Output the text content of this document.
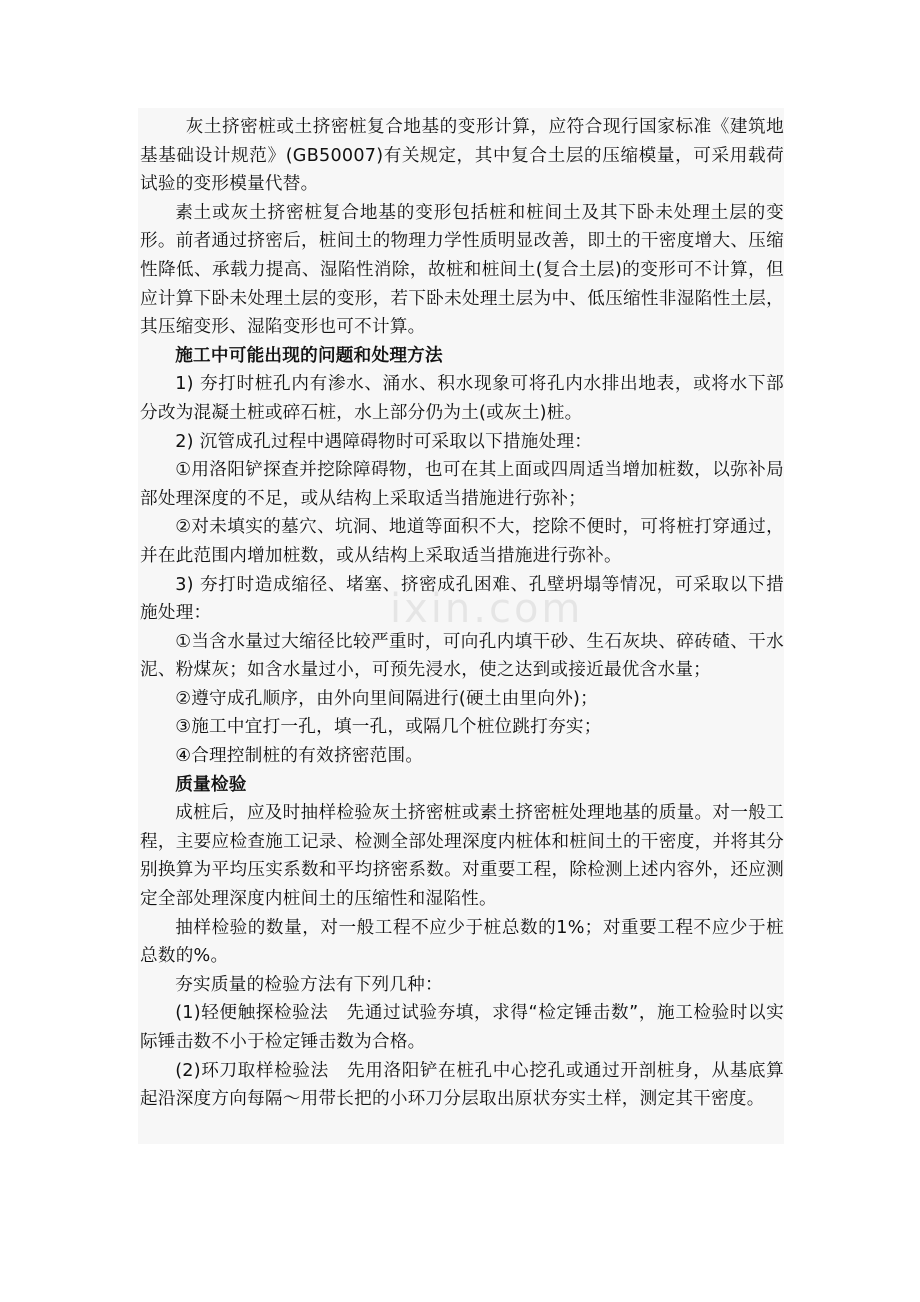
灰土挤密桩或土挤密桩复合地基的变形计算，应符合现行国家标准《建筑地基基础设计规范》(GB50007)有关规定，其中复合土层的压缩模量，可采用载荷试验的变形模量代替。

素土或灰土挤密桩复合地基的变形包括桩和桩间土及其下卧未处理土层的变形。前者通过挤密后，桩间土的物理力学性质明显改善，即土的干密度增大、压缩性降低、承载力提高、湿陷性消除，故桩和桩间土(复合土层)的变形可不计算，但应计算下卧未处理土层的变形，若下卧未处理土层为中、低压缩性非湿陷性土层，其压缩变形、湿陷变形也可不计算。

施工中可能出现的问题和处理方法

1) 夯打时桩孔内有渗水、涌水、积水现象可将孔内水排出地表，或将水下部分改为混凝土桩或碎石桩，水上部分仍为土(或灰土)桩。

2) 沉管成孔过程中遇障碍物时可采取以下措施处理：

①用洛阳铲探查并挖除障碍物，也可在其上面或四周适当增加桩数，以弥补局部处理深度的不足，或从结构上采取适当措施进行弥补；

②对未填实的墓穴、坑洞、地道等面积不大，挖除不便时，可将桩打穿通过，并在此范围内增加桩数，或从结构上采取适当措施进行弥补。

3) 夯打时造成缩径、堵塞、挤密成孔困难、孔壁坍塌等情况，可采取以下措施处理：

①当含水量过大缩径比较严重时，可向孔内填干砂、生石灰块、碎砖碴、干水泥、粉煤灰；如含水量过小，可预先浸水，使之达到或接近最优含水量；

②遵守成孔顺序，由外向里间隔进行(硬土由里向外)；

③施工中宜打一孔，填一孔，或隔几个桩位跳打夯实；

④合理控制桩的有效挤密范围。

质量检验

成桩后，应及时抽样检验灰土挤密桩或素土挤密桩处理地基的质量。对一般工程，主要应检查施工记录、检测全部处理深度内桩体和桩间土的干密度，并将其分别换算为平均压实系数和平均挤密系数。对重要工程，除检测上述内容外，还应测定全部处理深度内桩间土的压缩性和湿陷性。

抽样检验的数量，对一般工程不应少于桩总数的1%；对重要工程不应少于桩总数的%。

夯实质量的检验方法有下列几种：

(1)轻便触探检验法　先通过试验夯填，求得“检定锤击数”，施工检验时以实际锤击数不小于检定锤击数为合格。

(2)环刀取样检验法　先用洛阳铲在桩孔中心挖孔或通过开剖桩身，从基底算起沿深度方向每隔～用带长把的小环刀分层取出原状夯实土样，测定其干密度。
